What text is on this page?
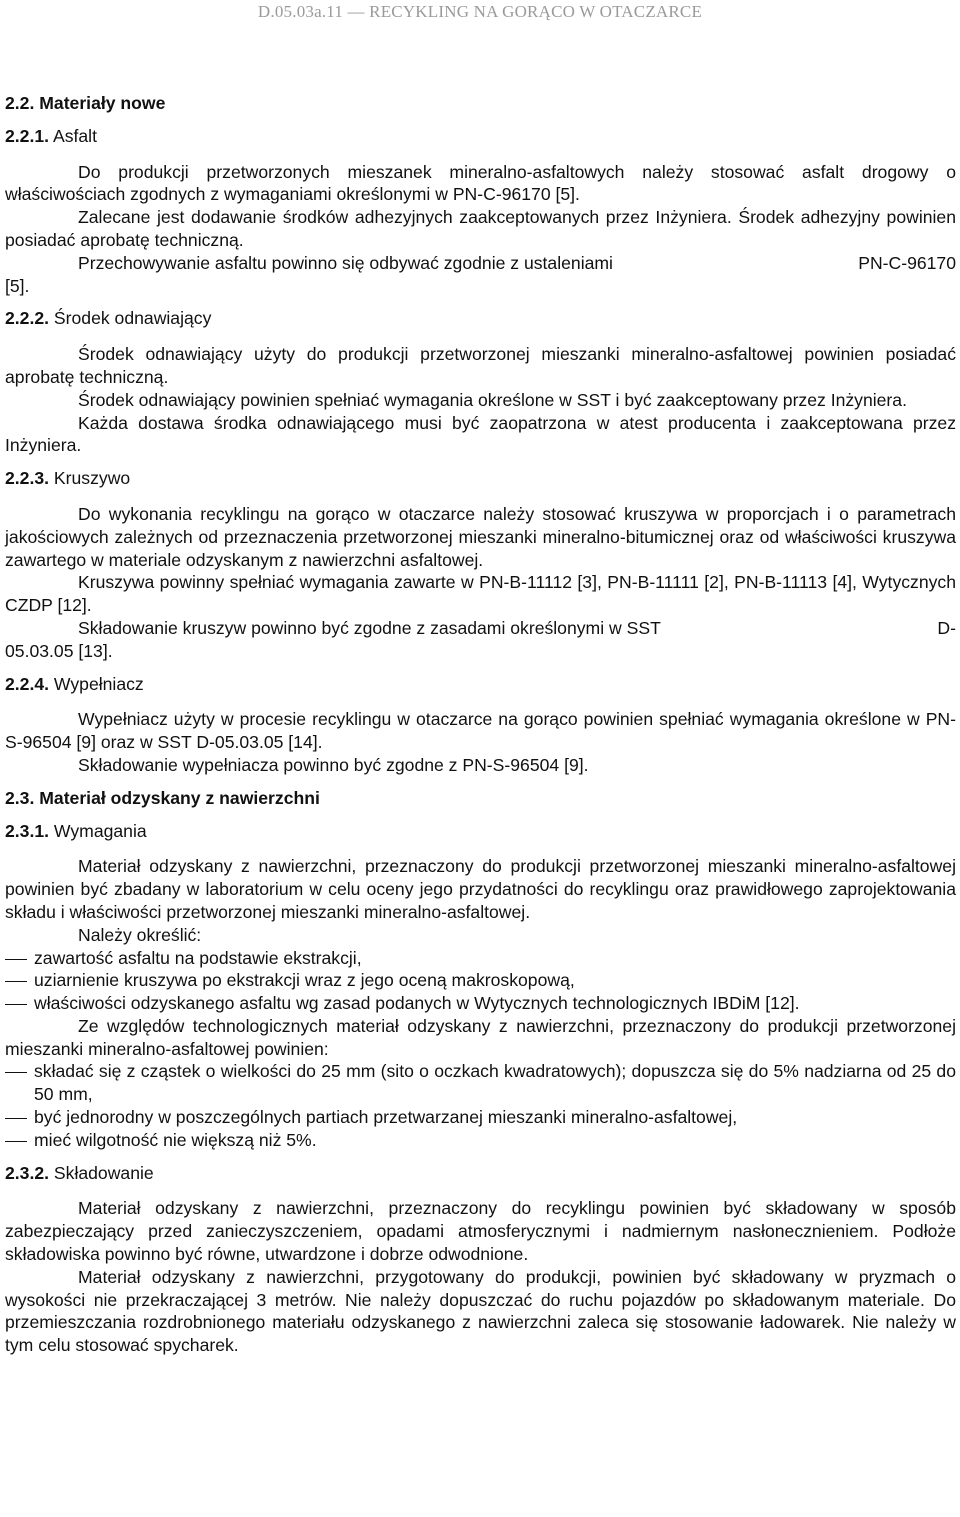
D.05.03a.11 — RECYKLING NA GORĄCO W OTACZARCE
2.2. Materiały nowe
2.2.1. Asfalt

Do produkcji przetworzonych mieszanek mineralno-asfaltowych należy stosować asfalt drogowy o właściwościach zgodnych z wymaganiami określonymi w PN-C-96170 [5].

Zalecane jest dodawanie środków adhezyjnych zaakceptowanych przez Inżyniera. Środek adhezyjny powinien posiadać aprobatę techniczną.

Przechowywanie asfaltu powinno się odbywać zgodnie z ustaleniami	PN-C-96170

[5].

2.2.2. Środek odnawiający

Środek odnawiający użyty do produkcji przetworzonej mieszanki mineralno-asfaltowej powinien posiadać aprobatę techniczną.

Środek odnawiający powinien spełniać wymagania określone w SST i być zaakceptowany przez Inżyniera.

Każda dostawa środka odnawiającego musi być zaopatrzona w atest producenta i zaakceptowana przez Inżyniera.

2.2.3. Kruszywo

Do wykonania recyklingu na gorąco w otaczarce należy stosować kruszywa w proporcjach i o parametrach jakościowych zależnych od przeznaczenia przetworzonej mieszanki mineralno-bitumicznej oraz od właściwości kruszywa zawartego w materiale odzyskanym z nawierzchni asfaltowej.

Kruszywa powinny spełniać wymagania zawarte w PN-B-11112 [3], PN-B-11111 [2], PN-B-11113 [4], Wytycznych CZDP [12].

Składowanie kruszyw powinno być zgodne z zasadami określonymi w SST	D-

05.03.05 [13].

2.2.4. Wypełniacz

Wypełniacz użyty w procesie recyklingu w otaczarce na gorąco powinien spełniać wymagania określone w PN-S-96504 [9] oraz w SST D-05.03.05 [14].

Składowanie wypełniacza powinno być zgodne z PN-S-96504 [9].

2.3. Materiał odzyskany z nawierzchni
2.3.1. Wymagania

Materiał odzyskany z nawierzchni, przeznaczony do produkcji przetworzonej mieszanki mineralno-asfaltowej powinien być zbadany w laboratorium w celu oceny jego przydatności do recyklingu oraz prawidłowego zaprojektowania składu i właściwości przetworzonej mieszanki mineralno-asfaltowej.

Należy określić:

zawartość asfaltu na podstawie ekstrakcji,
uziarnienie kruszywa po ekstrakcji wraz z jego oceną makroskopową,
właściwości odzyskanego asfaltu wg zasad podanych w Wytycznych technologicznych IBDiM [12].

Ze względów technologicznych materiał odzyskany z nawierzchni, przeznaczony do produkcji przetworzonej mieszanki mineralno-asfaltowej powinien:

składać się z cząstek o wielkości do 25 mm (sito o oczkach kwadratowych); dopuszcza się do 5% nadziarna od 25 do 50 mm,
być jednorodny w poszczególnych partiach przetwarzanej mieszanki mineralno-asfaltowej,
mieć wilgotność nie większą niż 5%.
2.3.2. Składowanie

Materiał odzyskany z nawierzchni, przeznaczony do recyklingu powinien być składowany w sposób zabezpieczający przed zanieczyszczeniem, opadami atmosferycznymi i nadmiernym nasłonecznieniem. Podłoże składowiska powinno być równe, utwardzone i dobrze odwodnione.

Materiał odzyskany z nawierzchni, przygotowany do produkcji, powinien być składowany w pryzmach o wysokości nie przekraczającej 3 metrów. Nie należy dopuszczać do ruchu pojazdów po składowanym materiale. Do przemieszczania rozdrobnionego materiału odzyskanego z nawierzchni zaleca się stosowanie ładowarek. Nie należy w tym celu stosować spycharek.
